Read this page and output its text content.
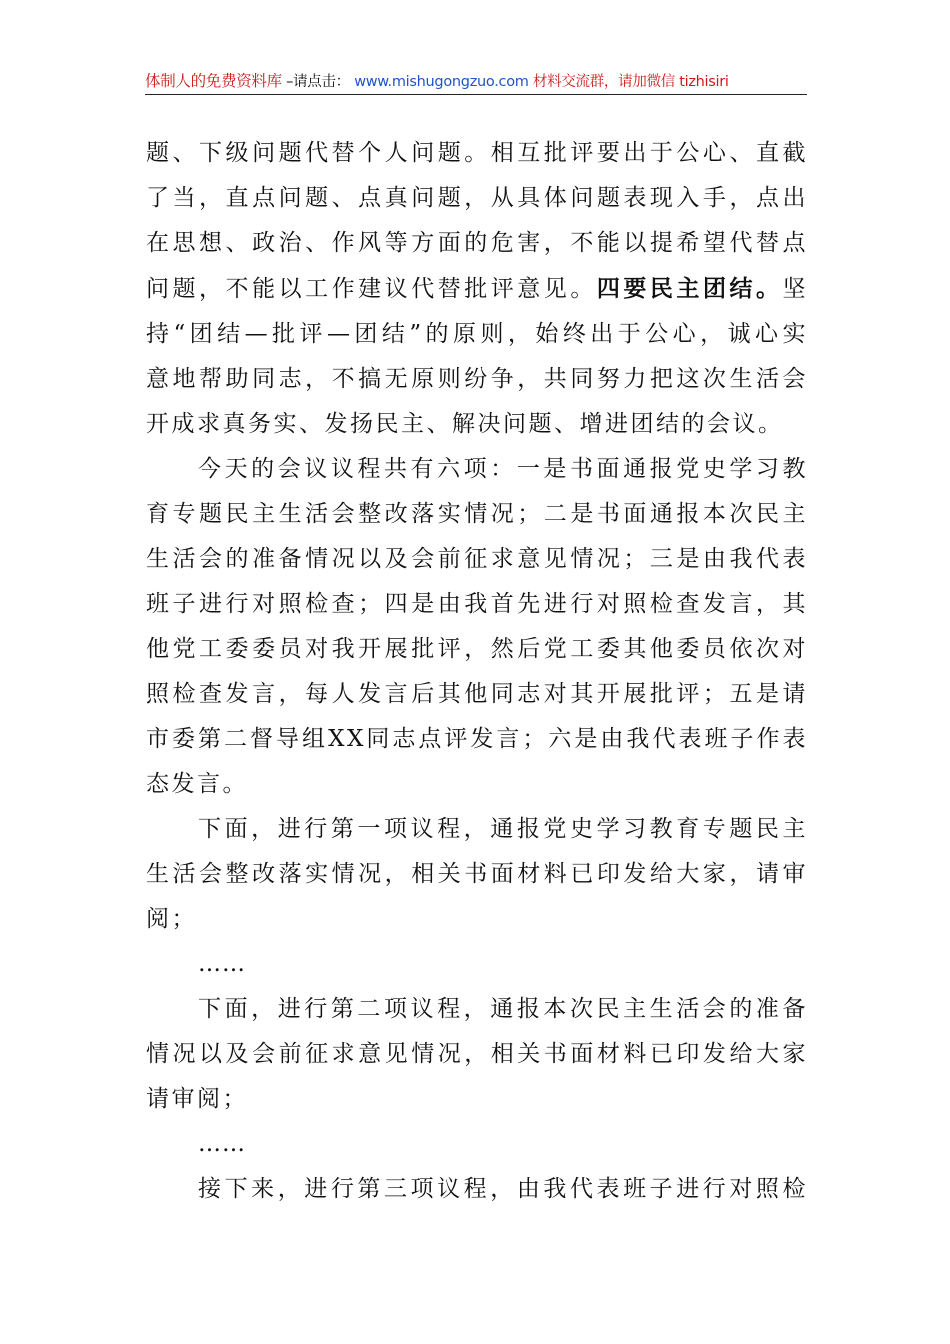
体制人的免费资料库 –请点击： www.mishugongzuo.com 材料交流群，请加微信 tizhisiri

题、下级问题代替个人问题。相互批评要出于公心、直截

了当，直点问题、点真问题，从具体问题表现入手，点出

在思想、政治、作风等方面的危害，不能以提希望代替点

问题，不能以工作建议代替批评意见。四要民主团结。坚

持“团结—批评—团结”的原则，始终出于公心，诚心实

意地帮助同志，不搞无原则纷争，共同努力把这次生活会

开成求真务实、发扬民主、解决问题、增进团结的会议。

今天的会议议程共有六项：一是书面通报党史学习教

育专题民主生活会整改落实情况；二是书面通报本次民主

生活会的准备情况以及会前征求意见情况；三是由我代表

班子进行对照检查；四是由我首先进行对照检查发言，其

他党工委委员对我开展批评，然后党工委其他委员依次对

照检查发言，每人发言后其他同志对其开展批评；五是请

市委第二督导组XX同志点评发言；六是由我代表班子作表

态发言。

下面，进行第一项议程，通报党史学习教育专题民主

生活会整改落实情况，相关书面材料已印发给大家，请审

阅；

……

下面，进行第二项议程，通报本次民主生活会的准备

情况以及会前征求意见情况，相关书面材料已印发给大家

请审阅；

……

接下来，进行第三项议程，由我代表班子进行对照检
